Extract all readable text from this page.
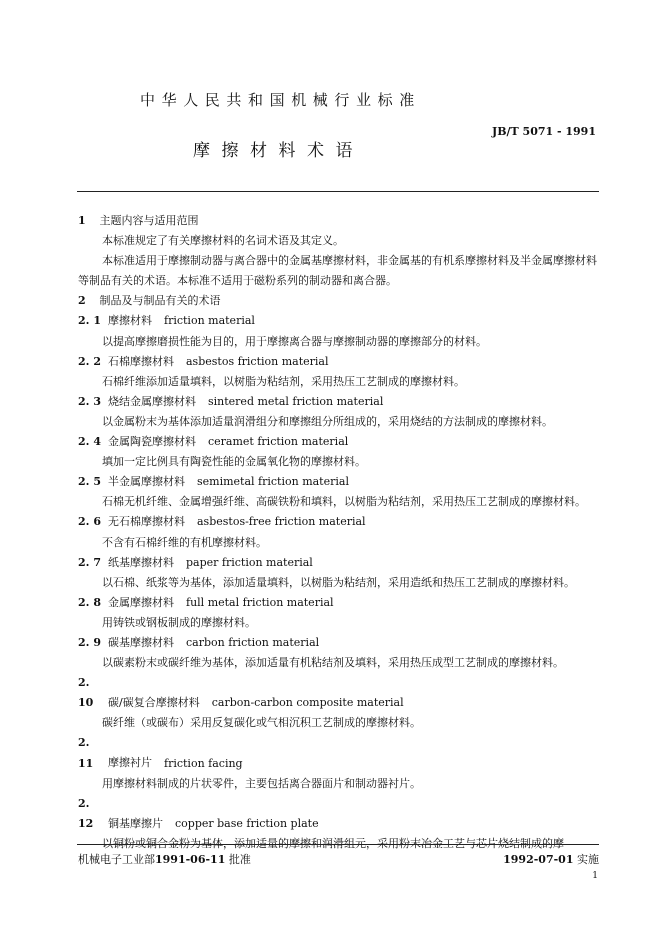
中华人民共和国机械行业标准
摩擦材料术语
JB/T 5071 - 1991

1 主题内容与适用范围

本标准规定了有关摩擦材料的名词术语及其定义。

本标准适用于摩擦制动器与离合器中的金属基摩擦材料，非金属基的有机系摩擦材料及半金属摩擦材料等制品有关的术语。本标准不适用于磁粉系列的制动器和离合器。

2 制品及与制品有关的术语

2. 1 摩擦材料 friction material

以提高摩擦磨损性能为目的，用于摩擦离合器与摩擦制动器的摩擦部分的材料。

2. 2 石棉摩擦材料 asbestos friction material

石棉纤维添加适量填料，以树脂为粘结剂，采用热压工艺制成的摩擦材料。

2. 3 烧结金属摩擦材料 sintered metal friction material

以金属粉末为基体添加适量润滑组分和摩擦组分所组成的，采用烧结的方法制成的摩擦材料。

2. 4 金属陶瓷摩擦材料 ceramet friction material

填加一定比例具有陶瓷性能的金属氧化物的摩擦材料。

2. 5 半金属摩擦材料 semimetal friction material

石棉无机纤维、金属增强纤维、高碳铁粉和填料，以树脂为粘结剂，采用热压工艺制成的摩擦材料。

2. 6 无石棉摩擦材料 asbestos-free friction material

不含有石棉纤维的有机摩擦材料。

2. 7 纸基摩擦材料 paper friction material

以石棉、纸浆等为基体，添加适量填料，以树脂为粘结剂，采用造纸和热压工艺制成的摩擦材料。

2. 8 金属摩擦材料 full metal friction material

用铸铁或钢板制成的摩擦材料。

2. 9 碳基摩擦材料 carbon friction material

以碳素粉末或碳纤维为基体，添加适量有机粘结剂及填料，采用热压成型工艺制成的摩擦材料。

2. 10 碳/碳复合摩擦材料 carbon-carbon composite material

碳纤维（或碳布）采用反复碳化或气相沉积工艺制成的摩擦材料。

2. 11 摩擦衬片 friction facing

用摩擦材料制成的片状零件，主要包括离合器面片和制动器衬片。

2. 12 铜基摩擦片 copper base friction plate

以铜粉或铜合金粉为基体，添加适量的摩擦和润滑组元，采用粉末冶金工艺与芯片烧结制成的摩

机械电子工业部1991-06-11 批准	1992-07-01 实施
1
